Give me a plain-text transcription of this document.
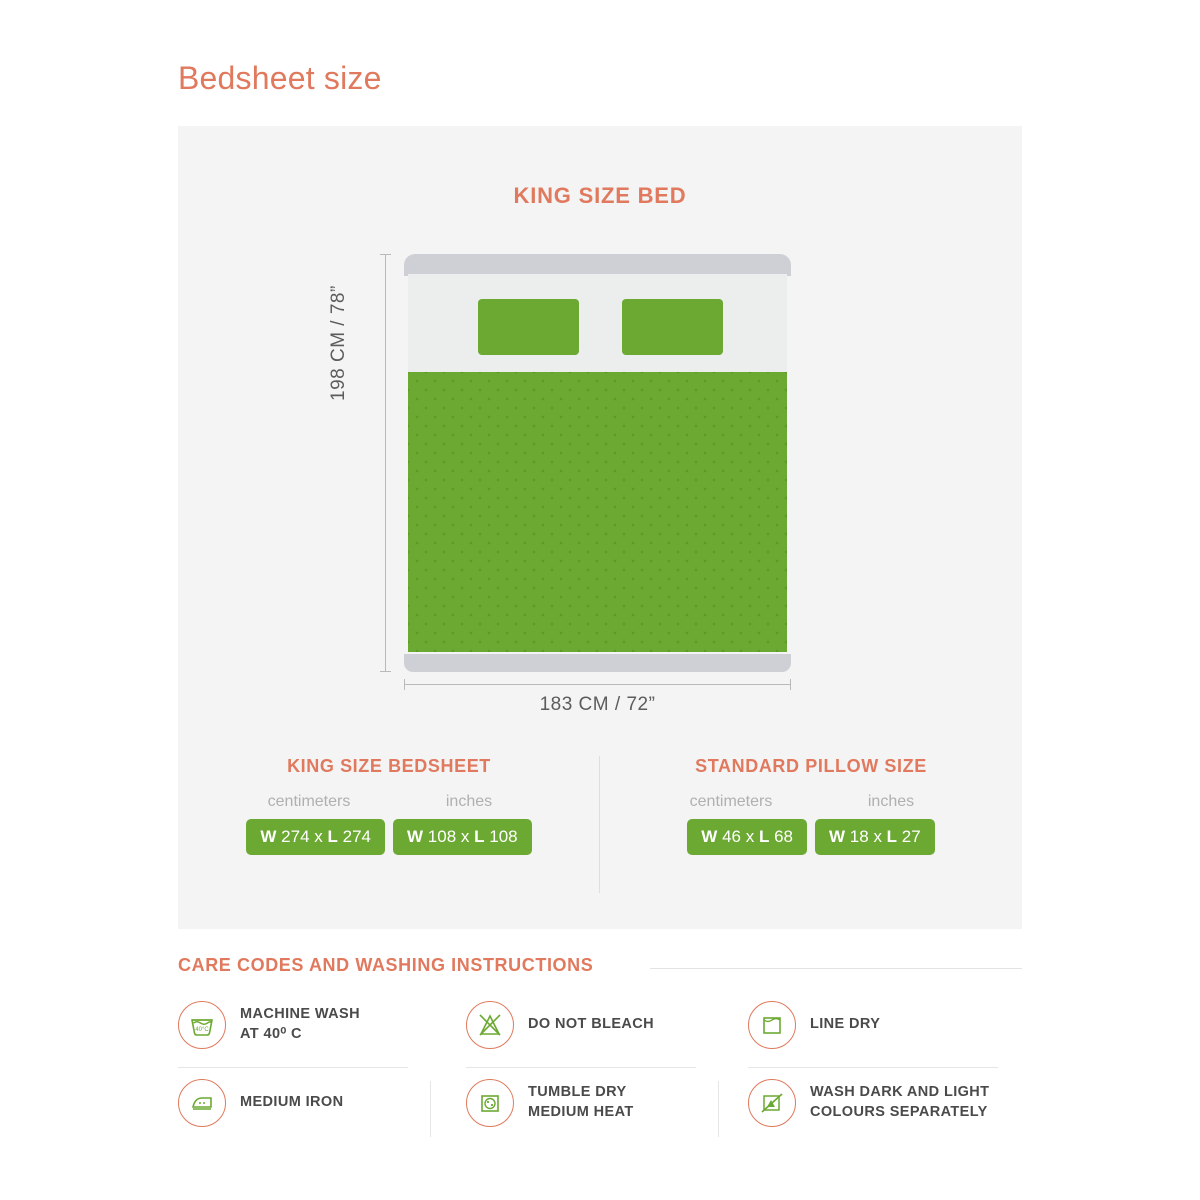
Bedsheet size
KING SIZE BED
198 CM / 78”
183 CM / 72”
KING SIZE BEDSHEET
centimeters	inches
W 274 x L 274	W 108 x L 108
STANDARD PILLOW SIZE
centimeters	inches
W 46 x L 68	W 18 x L 27
CARE CODES AND WASHING INSTRUCTIONS
40°C
MACHINE WASH
AT 40⁰ C
DO NOT BLEACH	LINE DRY
MEDIUM IRON
TUMBLE DRY
MEDIUM HEAT
WASH DARK AND LIGHT
COLOURS SEPARATELY
